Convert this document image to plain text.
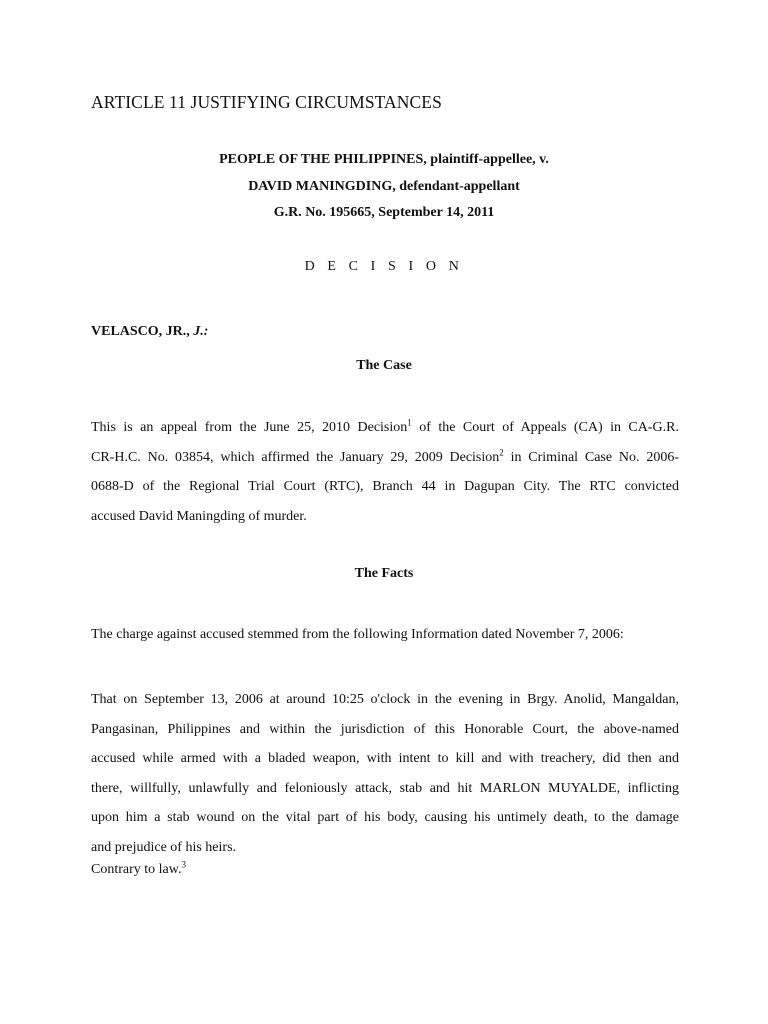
ARTICLE 11 JUSTIFYING CIRCUMSTANCES
PEOPLE OF THE PHILIPPINES, plaintiff-appellee, v.
DAVID MANINGDING, defendant-appellant
G.R. No. 195665, September 14, 2011
D E C I S I O N
VELASCO, JR., J.:
The Case
This is an appeal from the June 25, 2010 Decision$^1$ of the Court of Appeals (CA) in CA-G.R.
CR-H.C. No. 03854, which affirmed the January 29, 2009 Decision$^2$ in Criminal Case No. 2006-
0688-D of the Regional Trial Court (RTC), Branch 44 in Dagupan City. The RTC convicted
accused David Maningding of murder.
The Facts
The charge against accused stemmed from the following Information dated November 7, 2006:
That on September 13, 2006 at around 10:25 o'clock in the evening in Brgy. Anolid, Mangaldan,
Pangasinan, Philippines and within the jurisdiction of this Honorable Court, the above-named
accused while armed with a bladed weapon, with intent to kill and with treachery, did then and
there, willfully, unlawfully and feloniously attack, stab and hit MARLON MUYALDE, inflicting
upon him a stab wound on the vital part of his body, causing his untimely death, to the damage
and prejudice of his heirs.
Contrary to law.$^3$
